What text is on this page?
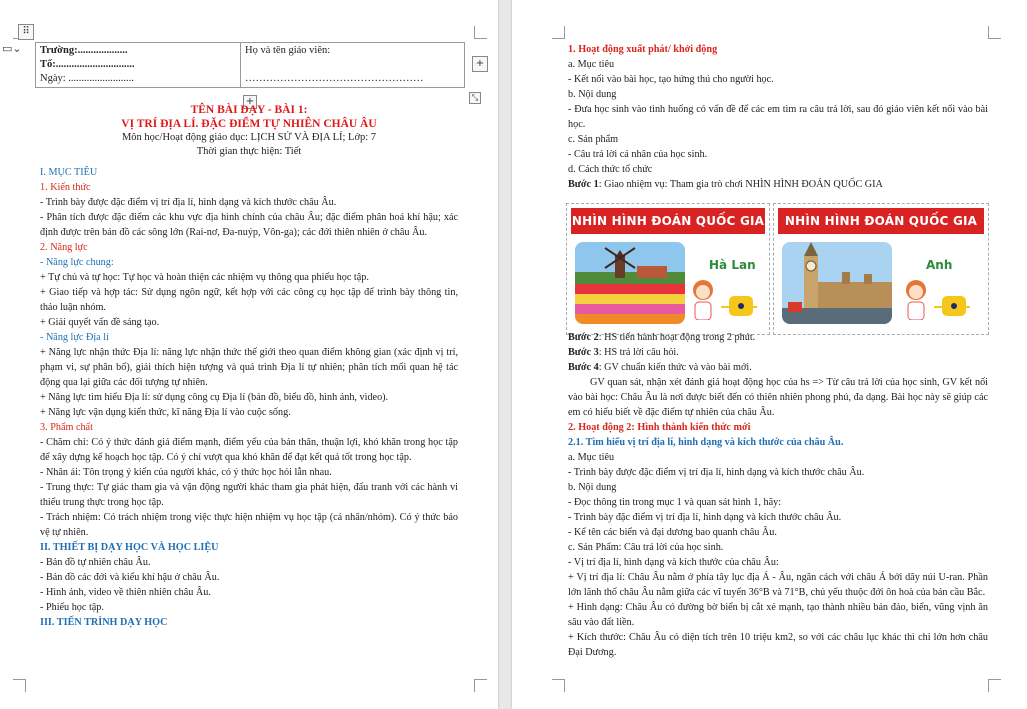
⠿
▭⌄
+
⤡
+
Trường:...................
Tổ:..............................
Ngày: .........................

Họ và tên giáo viên:

……………………………………………

TÊN BÀI DẠY - BÀI 1:

VỊ TRÍ ĐỊA LÍ. ĐẶC ĐIỂM TỰ NHIÊN CHÂU ÂU

Môn học/Hoạt động giáo dục: LỊCH SỬ VÀ ĐỊA LÍ; Lớp: 7

Thời gian thực hiện: Tiết

I. MỤC TIÊU

1. Kiến thức

- Trình bày được đặc điểm vị trí địa lí, hình dạng và kích thước châu Âu.

- Phân tích được đặc điểm các khu vực địa hình chính của châu Âu; đặc điểm phân hoá khí hậu; xác định được trên bản đồ các sông lớn (Rai-nơ, Đa-nuýp, Vôn-ga); các đới thiên nhiên ở châu Âu.

2. Năng lực

- Năng lực chung:

+ Tự chủ và tự học: Tự học và hoàn thiện các nhiệm vụ thông qua phiếu học tập.

+ Giao tiếp và hợp tác: Sử dụng ngôn ngữ, kết hợp với các công cụ học tập để trình bày thông tin, thảo luận nhóm.

+ Giải quyết vấn đề sáng tạo.

- Năng lực Địa lí

+ Năng lực nhận thức Địa lí: năng lực nhận thức thế giới theo quan điểm không gian (xác định vị trí, phạm vi, sự phân bố), giải thích hiện tượng và quá trình Địa lí tự nhiên; phân tích mối quan hệ tác động qua lại giữa các đối tượng tự nhiên.

+ Năng lực tìm hiểu Địa lí: sử dụng công cụ Địa lí (bản đồ, biểu đồ, hình ảnh, video).

+ Năng lực vận dụng kiến thức, kĩ năng Địa lí vào cuộc sống.

3. Phẩm chất

- Chăm chỉ: Có ý thức đánh giá điểm mạnh, điểm yếu của bản thân, thuận lợi, khó khăn trong học tập để xây dựng kế hoạch học tập. Có ý chí vượt qua khó khăn để đạt kết quả tốt trong học tập.

- Nhân ái: Tôn trọng ý kiến của người khác, có ý thức học hỏi lẫn nhau.

- Trung thực: Tự giác tham gia và vận động người khác tham gia phát hiện, đấu tranh với các hành vi thiếu trung thực trong học tập.

- Trách nhiệm: Có trách nhiệm trong việc thực hiện nhiệm vụ học tập (cá nhân/nhóm). Có ý thức bảo vệ tự nhiên.

II. THIẾT BỊ DẠY HỌC VÀ HỌC LIỆU

- Bản đồ tự nhiên châu Âu.

- Bản đồ các đới và kiểu khí hậu ở châu Âu.

- Hình ảnh, video về thiên nhiên châu Âu.

- Phiếu học tập.

III. TIẾN TRÌNH DẠY HỌC

1. Hoạt động xuất phát/ khởi động

a. Mục tiêu

- Kết nối vào bài học, tạo hứng thú cho người học.

b. Nội dung

- Đưa học sinh vào tình huống có vấn đề để các em tìm ra câu trả lời, sau đó giáo viên kết nối vào bài học.

c. Sản phẩm

- Câu trả lời cá nhân của học sinh.

d. Cách thức tổ chức

Bước 1: Giao nhiệm vụ: Tham gia trò chơi NHÌN HÌNH ĐOÁN QUỐC GIA

NHÌN HÌNH ĐOÁN QUỐC GIA
Hà Lan
NHÌN HÌNH ĐOÁN QUỐC GIA
Anh

Bước 2: HS tiến hành hoạt động trong 2 phút.

Bước 3: HS trả lời câu hỏi.

Bước 4: GV chuẩn kiến thức và vào bài mới.

GV quan sát, nhận xét đánh giá hoạt động học của hs => Từ câu trả lời của học sinh, GV kết nối vào bài học: Châu Âu là nơi được biết đến có thiên nhiên phong phú, đa dạng. Bài học này sẽ giúp các em có hiểu biết về đặc điểm tự nhiên của châu Âu.

2. Hoạt động 2: Hình thành kiến thức mới

2.1. Tìm hiểu vị trí địa lí, hình dạng và kích thước của châu Âu.

a. Mục tiêu

- Trình bày được đặc điểm vị trí địa lí, hình dạng và kích thước châu Âu.

b. Nội dung

- Đọc thông tin trong mục 1 và quan sát hình 1, hãy:

- Trình bày đặc điểm vị trí địa lí, hình dạng và kích thước châu Âu.

- Kể tên các biển và đại dương bao quanh châu Âu.

c. Sản Phẩm: Câu trả lời của học sinh.

- Vị trí địa lí, hình dạng và kích thước của châu Âu:

+ Vị trí địa lí: Châu Âu nằm ở phía tây lục địa Á - Âu, ngăn cách với châu Á bởi dãy núi U-ran. Phần lớn lãnh thổ châu Âu nằm giữa các vĩ tuyến 36°B và 71°B, chủ yếu thuộc đới ôn hoà của bán cầu Bắc.

+ Hình dạng: Châu Âu có đường bờ biển bị cắt xẻ mạnh, tạo thành nhiều bán đảo, biển, vũng vịnh ăn sâu vào đất liền.

+ Kích thước: Châu Âu có diện tích trên 10 triệu km2, so với các châu lục khác thì chỉ lớn hơn châu Đại Dương.
